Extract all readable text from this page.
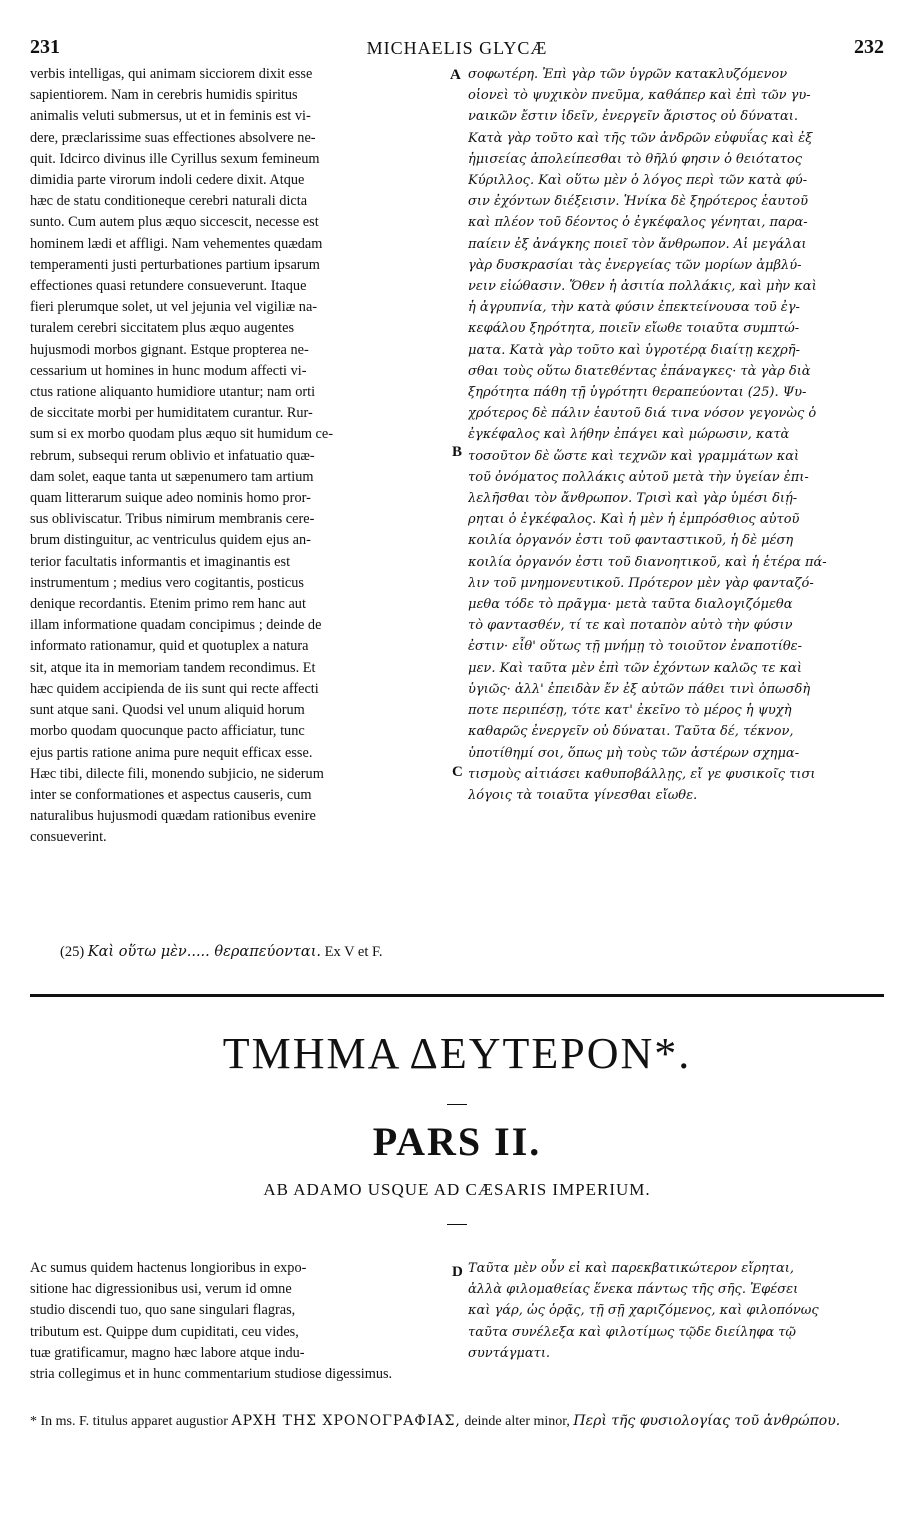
231	MICHAELIS GLYCÆ	232
verbis intelligas, qui animam sicciorem dixit esse
sapientiorem. Nam in cerebris humidis spiritus
animalis veluti submersus, ut et in feminis est vi-
dere, præclarissime suas effectiones absolvere ne-
quit. Idcirco divinus ille Cyrillus sexum femineum
dimidia parte virorum indoli cedere dixit. Atque
hæc de statu conditioneque cerebri naturali dicta
sunto. Cum autem plus æquo siccescit, necesse est
hominem lædi et affligi. Nam vehementes quædam
temperamenti justi perturbationes partium ipsarum
effectiones quasi retundere consueverunt. Itaque
fieri plerumque solet, ut vel jejunia vel vigiliæ na-
turalem cerebri siccitatem plus æquo augentes
hujusmodi morbos gignant. Estque propterea ne-
cessarium ut homines in hunc modum affecti vi-
ctus ratione aliquanto humidiore utantur; nam orti
de siccitate morbi per humiditatem curantur. Rur-
sum si ex morbo quodam plus æquo sit humidum ce-
rebrum, subsequi rerum oblivio et infatuatio quæ-
dam solet, eaque tanta ut sæpenumero tam artium
quam litterarum suique adeo nominis homo pror-
sus obliviscatur. Tribus nimirum membranis cere-
brum distinguitur, ac ventriculus quidem ejus an-
terior facultatis informantis et imaginantis est
instrumentum ; medius vero cogitantis, posticus
denique recordantis. Etenim primo rem hanc aut
illam informatione quadam concipimus ; deinde de
informato rationamur, quid et quotuplex a natura
sit, atque ita in memoriam tandem recondimus. Et
hæc quidem accipienda de iis sunt qui recte affecti
sunt atque sani. Quodsi vel unum aliquid horum
morbo quodam quocunque pacto afficiatur, tunc
ejus partis ratione anima pure nequit efficax esse.
Hæc tibi, dilecte fili, monendo subjicio, ne siderum
inter se conformationes et aspectus causeris, cum
naturalibus hujusmodi quædam rationibus evenire
consueverint.
σοφωτέρη. Ἐπὶ γὰρ τῶν ὑγρῶν κατακλυζόμενον
οἱονεὶ τὸ ψυχικὸν πνεῦμα, καθάπερ καὶ ἐπὶ τῶν γυ-
ναικῶν ἔστιν ἰδεῖν, ἐνεργεῖν ἄριστος οὐ δύναται.
Κατὰ γὰρ τοῦτο καὶ τῆς τῶν ἀνδρῶν εὐφυΐας καὶ ἐξ
ἡμισείας ἀπολείπεσθαι τὸ θῆλύ φησιν ὁ θειότατος
Κύριλλος. Καὶ οὕτω μὲν ὁ λόγος περὶ τῶν κατὰ φύ-
σιν ἐχόντων διέξεισιν. Ἡνίκα δὲ ξηρότερος ἑαυτοῦ
καὶ πλέον τοῦ δέοντος ὁ ἐγκέφαλος γένηται, παρα-
παίειν ἐξ ἀνάγκης ποιεῖ τὸν ἄνθρωπον. Αἱ μεγάλαι
γὰρ δυσκρασίαι τὰς ἐνεργείας τῶν μορίων ἀμβλύ-
νειν εἰώθασιν. Ὅθεν ἡ ἀσιτία πολλάκις, καὶ μὴν καὶ
ἡ ἀγρυπνία, τὴν κατὰ φύσιν ἐπεκτείνουσα τοῦ ἐγ-
κεφάλου ξηρότητα, ποιεῖν εἴωθε τοιαῦτα συμπτώ-
ματα. Κατὰ γὰρ τοῦτο καὶ ὑγροτέρᾳ διαίτῃ κεχρῆ-
σθαι τοὺς οὕτω διατεθέντας ἐπάναγκες· τὰ γὰρ διὰ
ξηρότητα πάθη τῇ ὑγρότητι θεραπεύονται (25). Ψυ-
χρότερος δὲ πάλιν ἑαυτοῦ διά τινα νόσον γεγονὼς ὁ
ἐγκέφαλος καὶ λήθην ἐπάγει καὶ μώρωσιν, κατὰ
τοσοῦτον δὲ ὥστε καὶ τεχνῶν καὶ γραμμάτων καὶ
τοῦ ὀνόματος πολλάκις αὐτοῦ μετὰ τὴν ὑγείαν ἐπι-
λελῆσθαι τὸν ἄνθρωπον. Τρισὶ καὶ γὰρ ὑμέσι διῄ-
ρηται ὁ ἐγκέφαλος. Καὶ ἡ μὲν ἡ ἐμπρόσθιος αὐτοῦ
κοιλία ὀργανόν ἐστι τοῦ φανταστικοῦ, ἡ δὲ μέση
κοιλία ὀργανόν ἐστι τοῦ διανοητικοῦ, καὶ ἡ ἑτέρα πά-
λιν τοῦ μνημονευτικοῦ. Πρότερον μὲν γὰρ φανταζό-
μεθα τόδε τὸ πρᾶγμα· μετὰ ταῦτα διαλογιζόμεθα
τὸ φαντασθέν, τί τε καὶ ποταπὸν αὐτὸ τὴν φύσιν
ἐστιν· εἶθ' οὕτως τῇ μνήμῃ τὸ τοιοῦτον ἐναποτίθε-
μεν. Καὶ ταῦτα μὲν ἐπὶ τῶν ἐχόντων καλῶς τε καὶ
ὑγιῶς· ἀλλ' ἐπειδὰν ἔν ἐξ αὐτῶν πάθει τινὶ ὁπωσδὴ
ποτε περιπέσῃ, τότε κατ' ἐκεῖνο τὸ μέρος ἡ ψυχὴ
καθαρῶς ἐνεργεῖν οὐ δύναται. Ταῦτα δέ, τέκνον,
ὑποτίθημί σοι, ὅπως μὴ τοὺς τῶν ἀστέρων σχημα-
τισμοὺς αἰτιάσει καθυποβάλλῃς, εἴ γε φυσικοῖς τισι
λόγοις τὰ τοιαῦτα γίνεσθαι εἴωθε.
A
B
C
D
(25) Καὶ οὕτω μὲν..... θεραπεύονται. Ex V et F.
ΤΜΗΜΑ ΔΕΥΤΕΡΟΝ*.
PARS II.
AB ADAMO USQUE AD CÆSARIS IMPERIUM.
Ac sumus quidem hactenus longioribus in expo-
sitione hac digressionibus usi, verum id omne
studio discendi tuo, quo sane singulari flagras,
tributum est. Quippe dum cupiditati, ceu vides,
tuæ gratificamur, magno hæc labore atque indu-
stria collegimus et in hunc commentarium studiose digessimus.
Ταῦτα μὲν οὖν εἰ καὶ παρεκβατικώτερον εἴρηται,
ἀλλὰ φιλομαθείας ἕνεκα πάντως τῆς σῆς. Ἐφέσει
καὶ γάρ, ὡς ὁρᾷς, τῇ σῇ χαριζόμενος, καὶ φιλοπόνως
ταῦτα συνέλεξα καὶ φιλοτίμως τῷδε διείληφα τῷ
συντάγματι.
* In ms. F. titulus apparet augustior ΑΡΧΗ ΤΗΣ ΧΡΟΝΟΓΡΑΦΙΑΣ, deinde alter minor, Περὶ τῆς φυσιολογίας τοῦ ἀνθρώπου.
